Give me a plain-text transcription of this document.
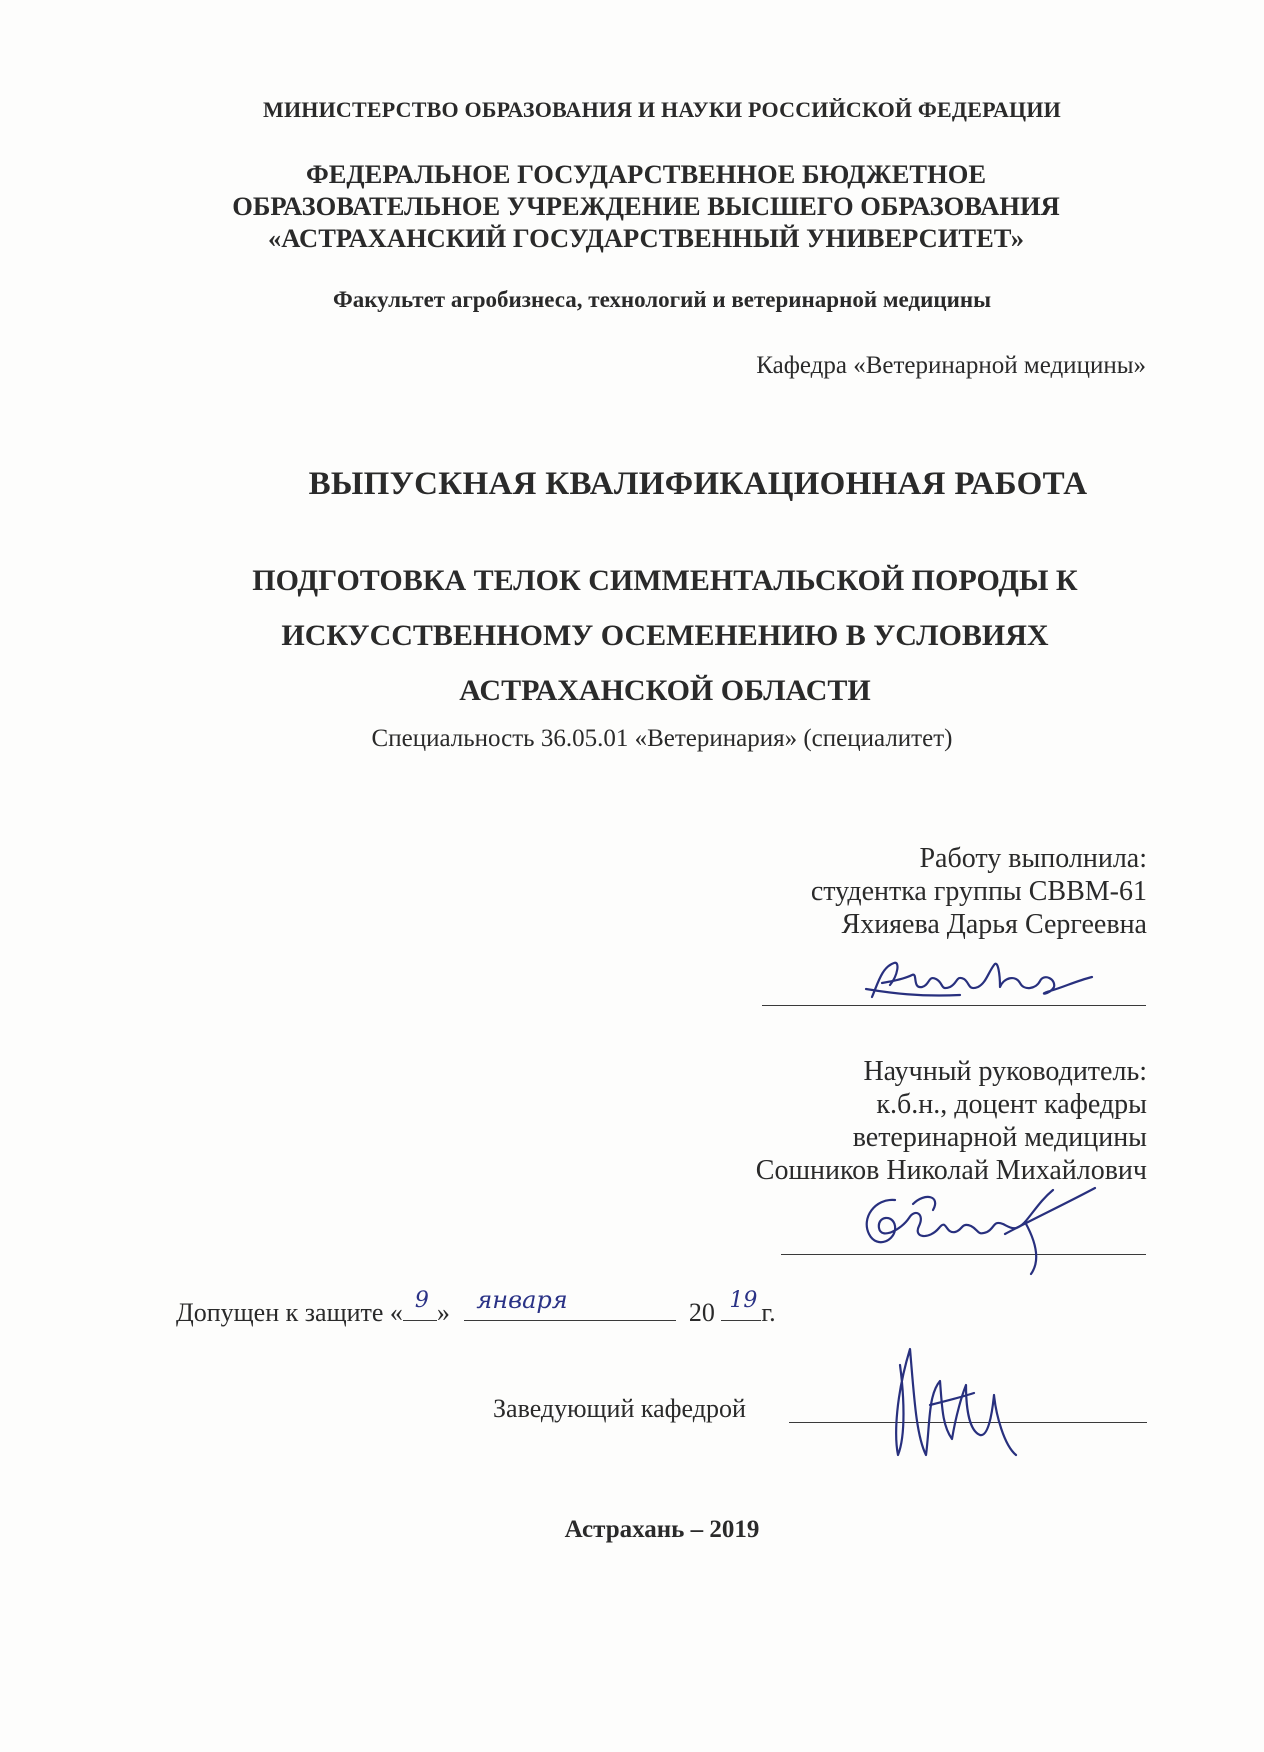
МИНИСТЕРСТВО ОБРАЗОВАНИЯ И НАУКИ РОССИЙСКОЙ ФЕДЕРАЦИИ
ФЕДЕРАЛЬНОЕ ГОСУДАРСТВЕННОЕ БЮДЖЕТНОЕ
ОБРАЗОВАТЕЛЬНОЕ УЧРЕЖДЕНИЕ ВЫСШЕГО ОБРАЗОВАНИЯ
«АСТРАХАНСКИЙ ГОСУДАРСТВЕННЫЙ УНИВЕРСИТЕТ»
Факультет агробизнеса, технологий и ветеринарной медицины
Кафедра «Ветеринарной медицины»
ВЫПУСКНАЯ КВАЛИФИКАЦИОННАЯ РАБОТА
ПОДГОТОВКА ТЕЛОК СИММЕНТАЛЬСКОЙ ПОРОДЫ К
ИСКУССТВЕННОМУ ОСЕМЕНЕНИЮ В УСЛОВИЯХ
АСТРАХАНСКОЙ ОБЛАСТИ
Специальность 36.05.01 «Ветеринария» (специалитет)
Работу выполнила:
студентка группы СВВМ-61
Яхияева Дарья Сергеевна
Научный руководитель:
к.б.н., доцент кафедры
ветеринарной медицины
Сошников Николай Михайлович
Допущен к защите « 9 » января	20 19 г.
Заведующий кафедрой
Астрахань – 2019
